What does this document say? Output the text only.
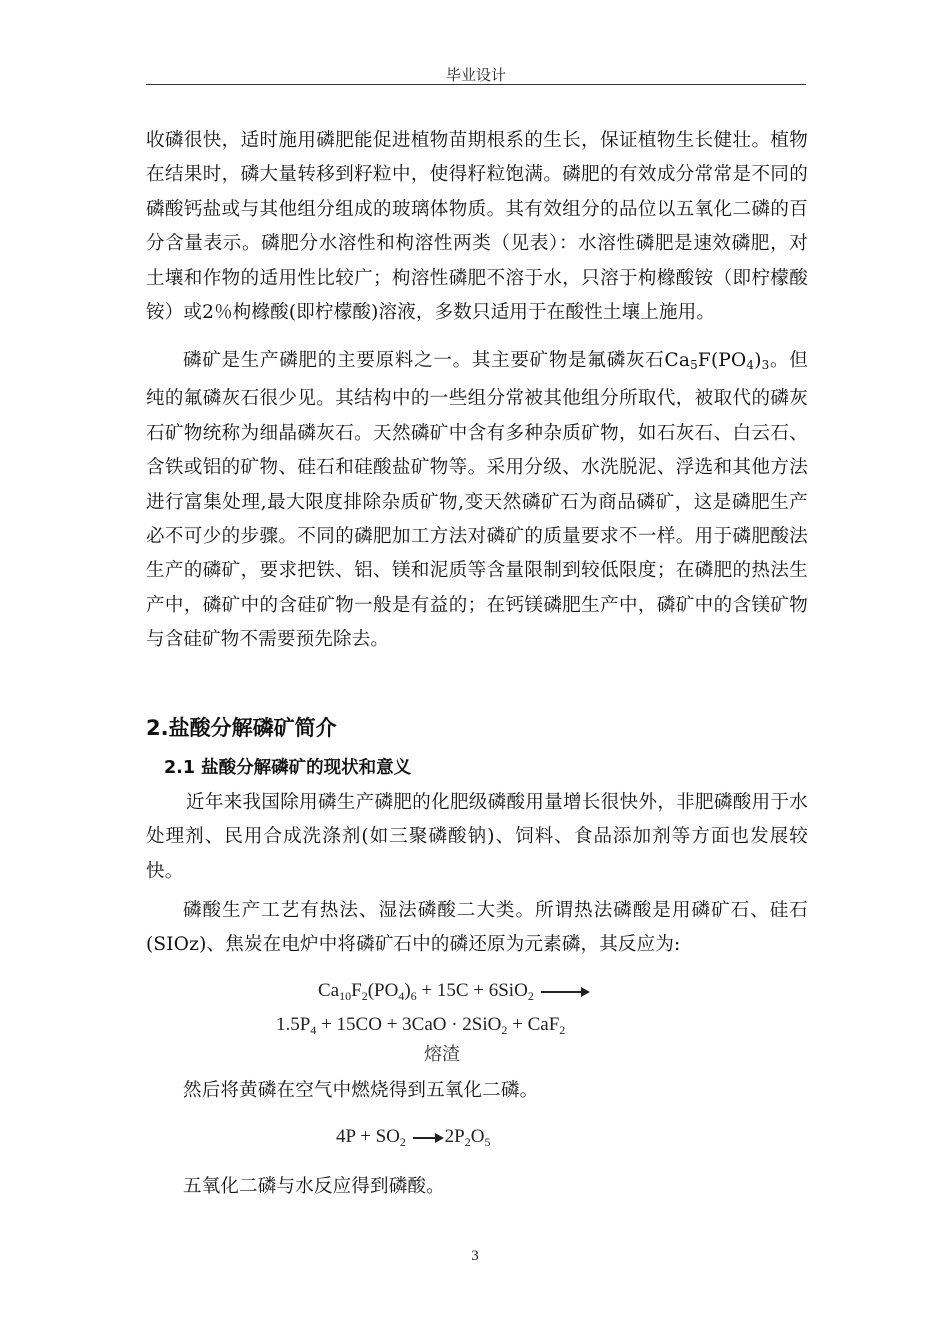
毕业设计

收磷很快，适时施用磷肥能促进植物苗期根系的生长，保证植物生长健壮。植物在结果时，磷大量转移到籽粒中，使得籽粒饱满。磷肥的有效成分常常是不同的磷酸钙盐或与其他组分组成的玻璃体物质。其有效组分的品位以五氧化二磷的百分含量表示。磷肥分水溶性和枸溶性两类（见表）：水溶性磷肥是速效磷肥，对土壤和作物的适用性比较广；枸溶性磷肥不溶于水，只溶于枸橼酸铵（即柠檬酸铵）或2％枸橼酸(即柠檬酸)溶液，多数只适用于在酸性土壤上施用。

磷矿是生产磷肥的主要原料之一。其主要矿物是氟磷灰石$Ca_5F(PO_4)_3$。但纯的氟磷灰石很少见。其结构中的一些组分常被其他组分所取代，被取代的磷灰石矿物统称为细晶磷灰石。天然磷矿中含有多种杂质矿物，如石灰石、白云石、含铁或铝的矿物、硅石和硅酸盐矿物等。采用分级、水洗脱泥、浮选和其他方法进行富集处理,最大限度排除杂质矿物,变天然磷矿石为商品磷矿，这是磷肥生产必不可少的步骤。不同的磷肥加工方法对磷矿的质量要求不一样。用于磷肥酸法生产的磷矿，要求把铁、铝、镁和泥质等含量限制到较低限度；在磷肥的热法生产中，磷矿中的含硅矿物一般是有益的；在钙镁磷肥生产中，磷矿中的含镁矿物与含硅矿物不需要预先除去。

2.盐酸分解磷矿简介
2.1 盐酸分解磷矿的现状和意义

近年来我国除用磷生产磷肥的化肥级磷酸用量增长很快外，非肥磷酸用于水处理剂、民用合成洗涤剂(如三聚磷酸钠)、饲料、食品添加剂等方面也发展较快。

磷酸生产工艺有热法、湿法磷酸二大类。所谓热法磷酸是用磷矿石、硅石(SIOz)、焦炭在电炉中将磷矿石中的磷还原为元素磷，其反应为:

$Ca_{10}F_2(PO_4)_6 + 15C + 6SiO_2$ →
$1.5P_4 + 15CO + 3CaO \cdot 2SiO_2 + CaF_2$
熔渣

然后将黄磷在空气中燃烧得到五氧化二磷。

$4P + SO_2 \to 2P_2O_5$

五氧化二磷与水反应得到磷酸。

3
